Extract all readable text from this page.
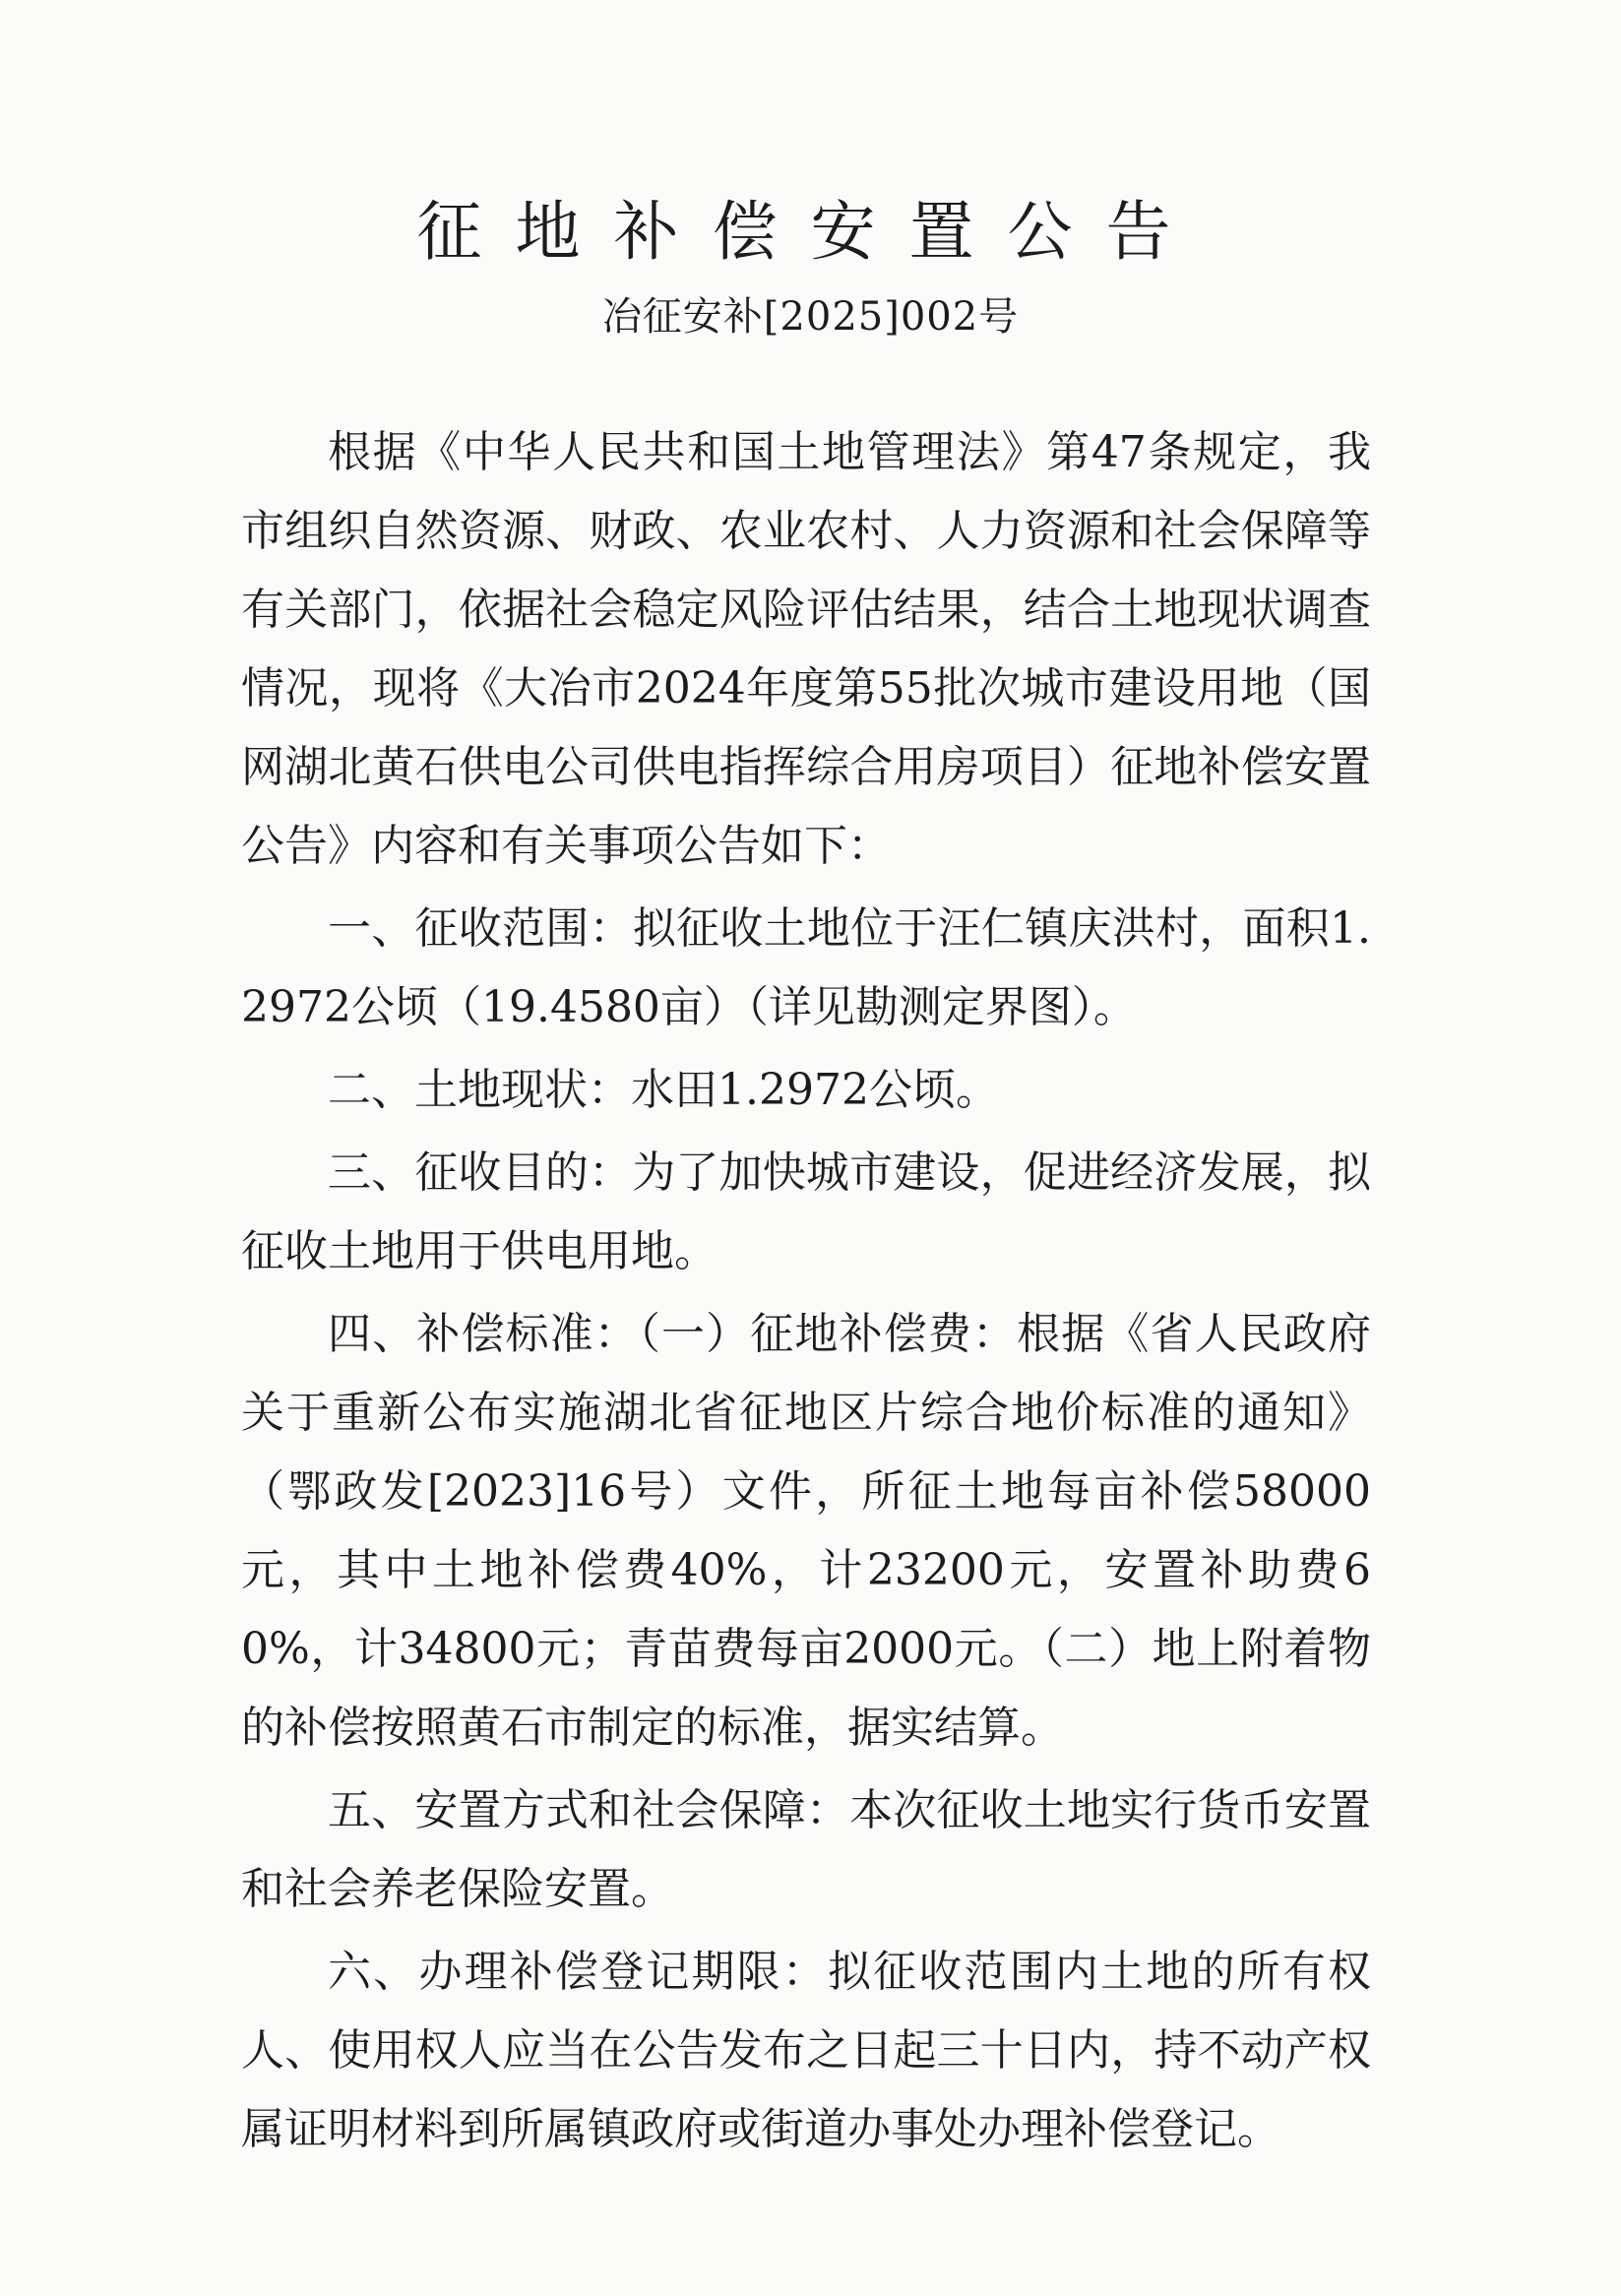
征地补偿安置公告
冶征安补[2025]002号

根据《中华人民共和国土地管理法》第47条规定，我市组织自然资源、财政、农业农村、人力资源和社会保障等有关部门，依据社会稳定风险评估结果，结合土地现状调查情况，现将《大冶市2024年度第55批次城市建设用地（国网湖北黄石供电公司供电指挥综合用房项目）征地补偿安置公告》内容和有关事项公告如下：

一、征收范围：拟征收土地位于汪仁镇庆洪村，面积1.2972公顷（19.4580亩）（详见勘测定界图）。

二、土地现状：水田1.2972公顷。

三、征收目的：为了加快城市建设，促进经济发展，拟征收土地用于供电用地。

四、补偿标准：（一）征地补偿费：根据《省人民政府关于重新公布实施湖北省征地区片综合地价标准的通知》（鄂政发[2023]16号）文件，所征土地每亩补偿58000元，其中土地补偿费40%，计23200元，安置补助费60%，计34800元；青苗费每亩2000元。（二）地上附着物的补偿按照黄石市制定的标准，据实结算。

五、安置方式和社会保障：本次征收土地实行货币安置和社会养老保险安置。

六、办理补偿登记期限：拟征收范围内土地的所有权人、使用权人应当在公告发布之日起三十日内，持不动产权属证明材料到所属镇政府或街道办事处办理补偿登记。
